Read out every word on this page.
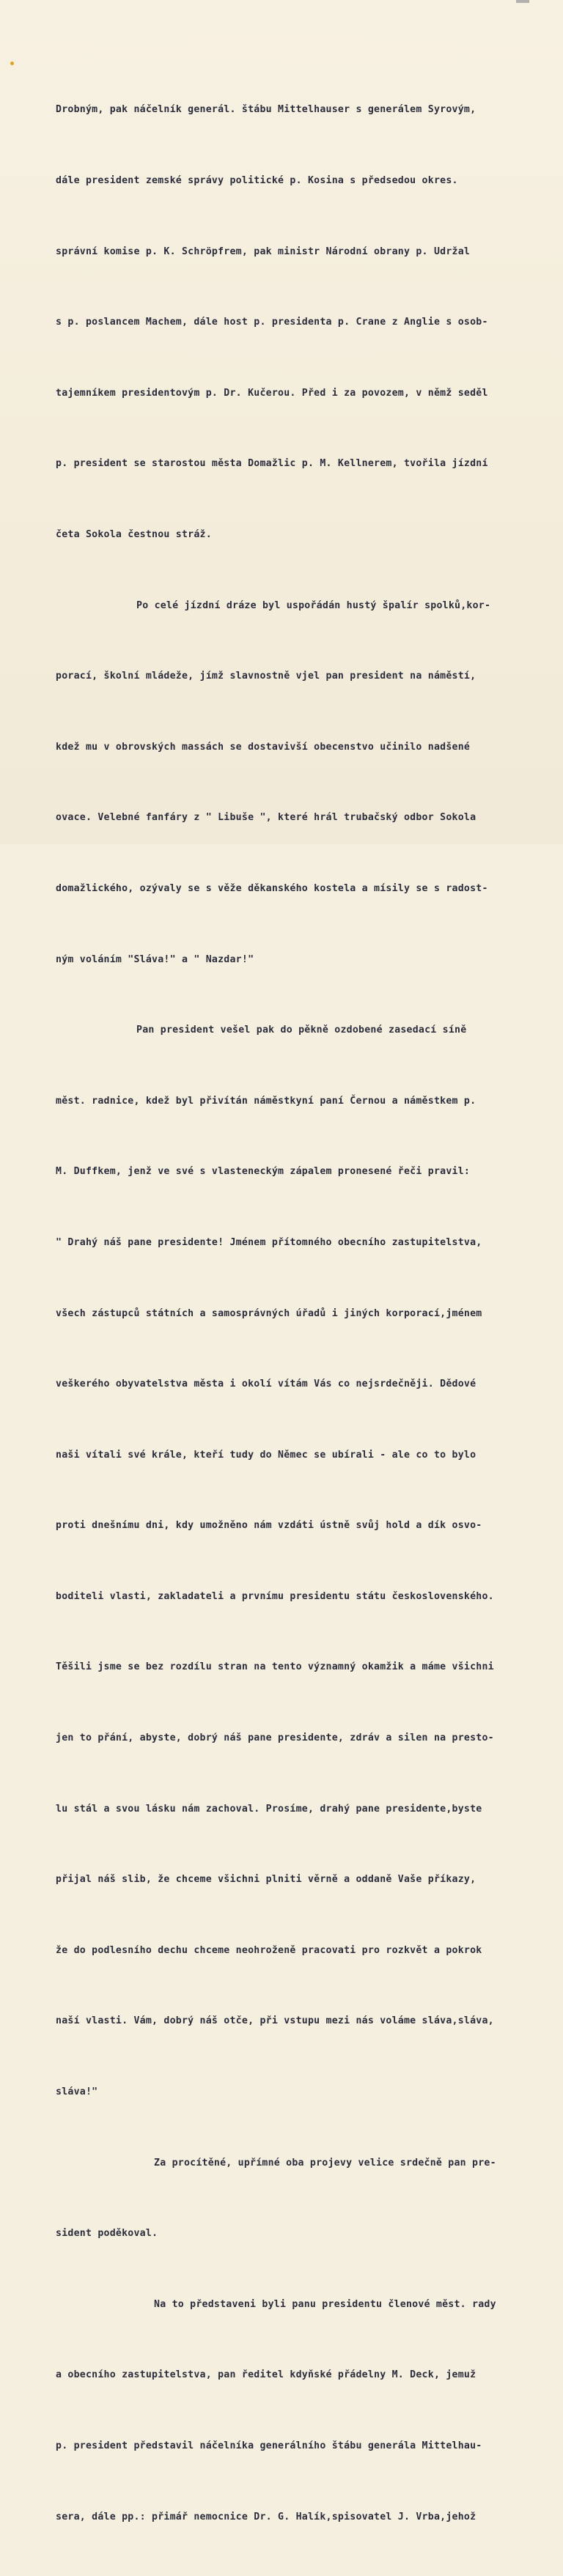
Drobným, pak náčelník generál. štábu Mittelhauser s generálem Syrovým,

dále president zemské správy politické p. Kosina s předsedou okres.

správní komise p. K. Schröpfrem, pak ministr Národní obrany p. Udržal

s p. poslancem Machem, dále host p. presidenta p. Crane z Anglie s osob-

tajemníkem presidentovým p. Dr. Kučerou. Před i za povozem, v němž seděl

p. president se starostou města Domažlic p. M. Kellnerem, tvořila jízdní

četa Sokola čestnou stráž.

Po celé jízdní dráze byl uspořádán hustý špalír spolků,kor-

porací, školní mládeže, jímž slavnostně vjel pan president na náměstí,

kdež mu v obrovských massách se dostavivší obecenstvo učinilo nadšené

ovace. Velebné fanfáry z " Libuše ", které hrál trubačský odbor Sokola

domažlického, ozývaly se s věže děkanského kostela a mísily se s radost-

ným voláním "Sláva!" a " Nazdar!"

Pan president vešel pak do pěkně ozdobené zasedací síně

měst. radnice, kdež byl přivítán náměstkyní paní Černou a náměstkem p.

M. Duffkem, jenž ve své s vlasteneckým zápalem pronesené řeči pravil:

" Drahý náš pane presidente! Jménem přítomného obecního zastupitelstva,

všech zástupců státních a samosprávných úřadů i jiných korporací,jménem

veškerého obyvatelstva města i okolí vítám Vás co nejsrdečněji. Dědové

naši vítali své krále, kteří tudy do Němec se ubírali - ale co to bylo

proti dnešnímu dni, kdy umožněno nám vzdáti ústně svůj hold a dík osvo-

boditeli vlasti, zakladateli a prvnímu presidentu státu československého.

Těšili jsme se bez rozdílu stran na tento významný okamžik a máme všichni

jen to přání, abyste, dobrý náš pane presidente, zdráv a silen na presto-

lu stál a svou lásku nám zachoval. Prosíme, drahý pane presidente,byste

přijal náš slib, že chceme všichni plniti věrně a oddaně Vaše příkazy,

že do podlesního dechu chceme neohroženě pracovati pro rozkvět a pokrok

naší vlasti. Vám, dobrý náš otče, při vstupu mezi nás voláme sláva,sláva,

sláva!"

Za procítěné, upřímné oba projevy velice srdečně pan pre-

sident poděkoval.

Na to představeni byli panu presidentu členové měst. rady

a obecního zastupitelstva, pan ředitel kdyňské přádelny M. Deck, jemuž

p. president představil náčelníka generálního štábu generála Mittelhau-

sera, dále pp.: přimář nemocnice Dr. G. Halík,spisovatel J. Vrba,jehož
